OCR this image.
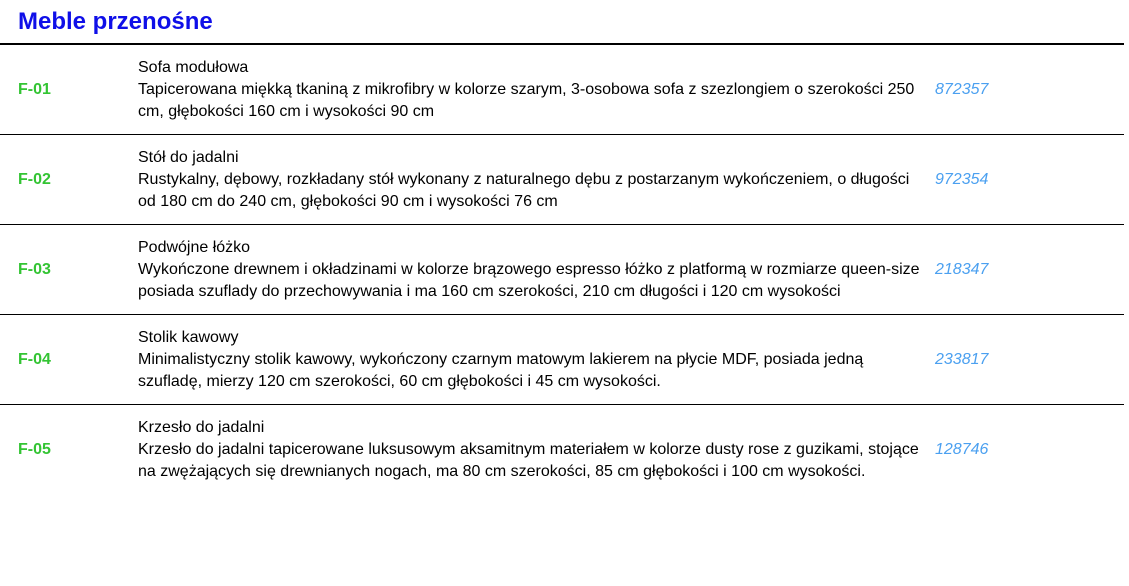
Meble przenośne
F-01
Sofa modułowa
Tapicerowana miękką tkaniną z mikrofibry w kolorze szarym, 3-osobowa sofa z szezlongiem o szerokości 250 cm, głębokości 160 cm i wysokości 90 cm
872357
F-02
Stół do jadalni
Rustykalny, dębowy, rozkładany stół wykonany z naturalnego dębu z postarzanym wykończeniem, o długości od 180 cm do 240 cm, głębokości 90 cm i wysokości 76 cm
972354
F-03
Podwójne łóżko
Wykończone drewnem i okładzinami w kolorze brązowego espresso łóżko z platformą w rozmiarze queen-size posiada szuflady do przechowywania i ma 160 cm szerokości, 210 cm długości i 120 cm wysokości
218347
F-04
Stolik kawowy
Minimalistyczny stolik kawowy, wykończony czarnym matowym lakierem na płycie MDF, posiada jedną szufladę, mierzy 120 cm szerokości, 60 cm głębokości i 45 cm wysokości.
233817
F-05
Krzesło do jadalni
Krzesło do jadalni tapicerowane luksusowym aksamitnym materiałem w kolorze dusty rose z guzikami, stojące na zwężających się drewnianych nogach, ma 80 cm szerokości, 85 cm głębokości i 100 cm wysokości.
128746
